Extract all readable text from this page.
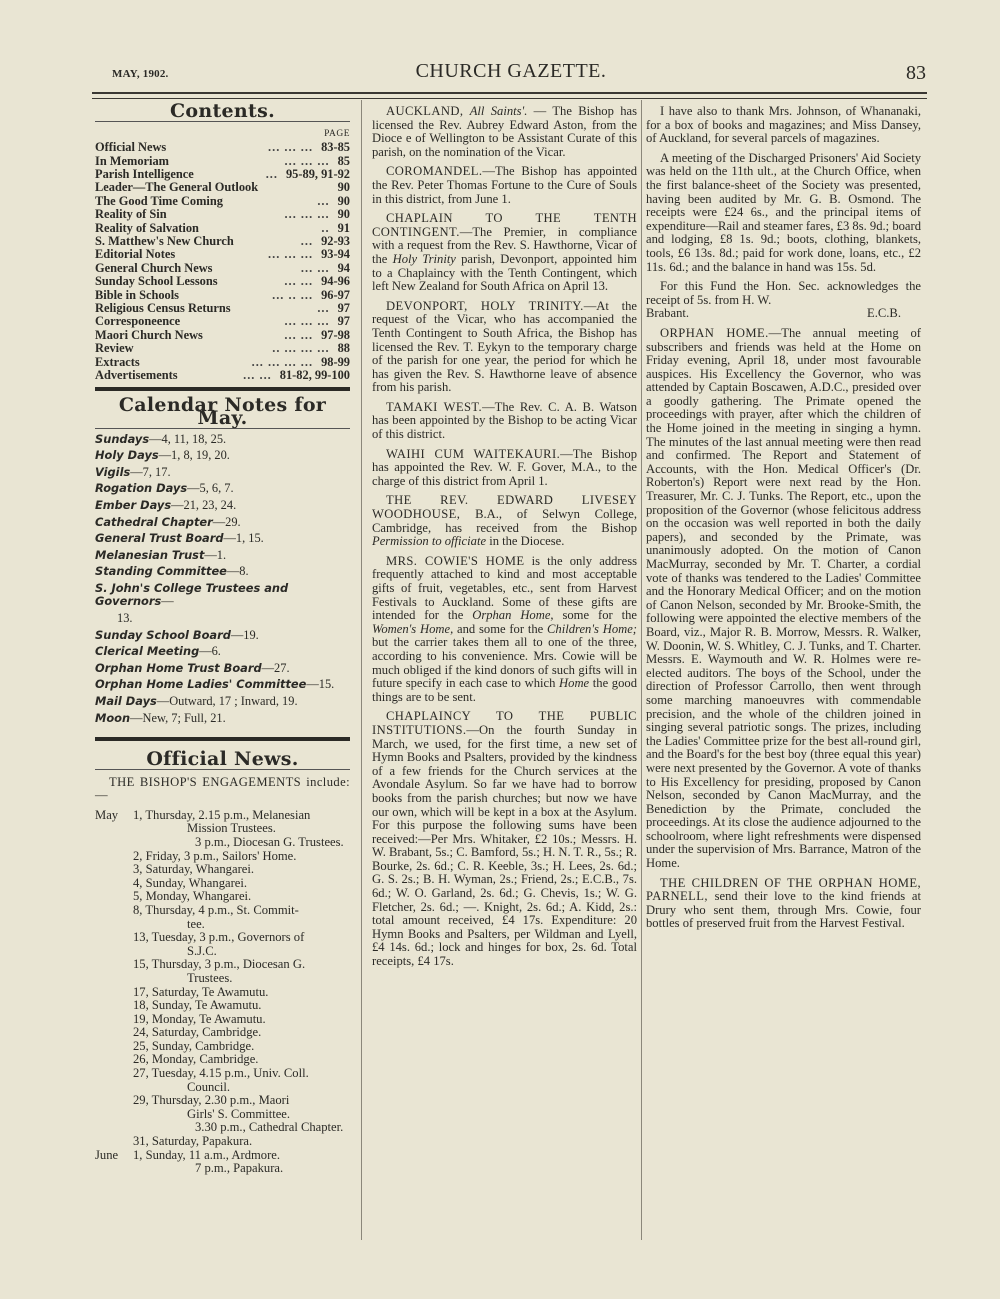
MAY, 1902.	CHURCH GAZETTE.	83
Contents.
PAGE
Official News	... ... ... 83-85
In Memoriam	... ... ... 85
Parish Intelligence	... 95-89, 91-92
Leader—The General Outlook	90
The Good Time Coming	... 90
Reality of Sin	... ... ... 90
Reality of Salvation	.. 91
S. Matthew's New Church	... 92-93
Editorial Notes	... ... ... 93-94
General Church News	... ... 94
Sunday School Lessons	... ... 94-96
Bible in Schools	... .. ... 96-97
Religious Census Returns	... 97
Corresponeence	... ... ... 97
Maori Church News	... ... 97-98
Review	.. ... ... ... 88
Extracts	... ... ... ... 98-99
Advertisements	... ... 81-82, 99-100
Calendar Notes for May.

Sundays—4, 11, 18, 25.

Holy Days—1, 8, 19, 20.

Vigils—7, 17.

Rogation Days—5, 6, 7.

Ember Days—21, 23, 24.

Cathedral Chapter—29.

General Trust Board—1, 15.

Melanesian Trust—1.

Standing Committee—8.

S. John's College Trustees and Governors—

13.

Sunday School Board—19.

Clerical Meeting—6.

Orphan Home Trust Board—27.

Orphan Home Ladies' Committee—15.

Mail Days—Outward, 17 ; Inward, 19.

Moon—New, 7; Full, 21.

Official News.

THE BISHOP'S ENGAGEMENTS include:—

May	1, Thursday, 2.15 p.m., Melanesian
Mission Trustees.
3 p.m., Diocesan G. Trustees.
2, Friday, 3 p.m., Sailors' Home.
3, Saturday, Whangarei.
4, Sunday, Whangarei.
5, Monday, Whangarei.
8, Thursday, 4 p.m., St. Commit-
tee.
13, Tuesday, 3 p.m., Governors of
S.J.C.
15, Thursday, 3 p.m., Diocesan G.
Trustees.
17, Saturday, Te Awamutu.
18, Sunday, Te Awamutu.
19, Monday, Te Awamutu.
24, Saturday, Cambridge.
25, Sunday, Cambridge.
26, Monday, Cambridge.
27, Tuesday, 4.15 p.m., Univ. Coll.
Council.
29, Thursday, 2.30 p.m., Maori
Girls' S. Committee.
3.30 p.m., Cathedral Chapter.
31, Saturday, Papakura.
June	1, Sunday, 11 a.m., Ardmore.
7 p.m., Papakura.

AUCKLAND, All Saints'. — The Bishop has licensed the Rev. Aubrey Edward Aston, from the Dioce e of Wellington to be Assistant Curate of this parish, on the nomination of the Vicar.

COROMANDEL.—The Bishop has appointed the Rev. Peter Thomas Fortune to the Cure of Souls in this district, from June 1.

CHAPLAIN TO THE TENTH CONTINGENT.—The Premier, in compliance with a request from the Rev. S. Hawthorne, Vicar of the Holy Trinity parish, Devonport, appointed him to a Chaplaincy with the Tenth Contingent, which left New Zealand for South Africa on April 13.

DEVONPORT, HOLY TRINITY.—At the request of the Vicar, who has accompanied the Tenth Contingent to South Africa, the Bishop has licensed the Rev. T. Eykyn to the temporary charge of the parish for one year, the period for which he has given the Rev. S. Hawthorne leave of absence from his parish.

TAMAKI WEST.—The Rev. C. A. B. Watson has been appointed by the Bishop to be acting Vicar of this district.

WAIHI CUM WAITEKAURI.—The Bishop has appointed the Rev. W. F. Gover, M.A., to the charge of this district from April 1.

THE REV. EDWARD LIVESEY WOODHOUSE, B.A., of Selwyn College, Cambridge, has received from the Bishop Permission to officiate in the Diocese.

MRS. COWIE'S HOME is the only address frequently attached to kind and most acceptable gifts of fruit, vegetables, etc., sent from Harvest Festivals to Auckland. Some of these gifts are intended for the Orphan Home, some for the Women's Home, and some for the Children's Home; but the carrier takes them all to one of the three, according to his convenience. Mrs. Cowie will be much obliged if the kind donors of such gifts will in future specify in each case to which Home the good things are to be sent.

CHAPLAINCY TO THE PUBLIC INSTITUTIONS.—On the fourth Sunday in March, we used, for the first time, a new set of Hymn Books and Psalters, provided by the kindness of a few friends for the Church services at the Avondale Asylum. So far we have had to borrow books from the parish churches; but now we have our own, which will be kept in a box at the Asylum. For this purpose the following sums have been received:—Per Mrs. Whitaker, £2 10s.; Messrs. H. W. Brabant, 5s.; C. Bamford, 5s.; H. N. T. R., 5s.; R. Bourke, 2s. 6d.; C. R. Keeble, 3s.; H. Lees, 2s. 6d.; G. S. 2s.; B. H. Wyman, 2s.; Friend, 2s.; E.C.B., 7s. 6d.; W. O. Garland, 2s. 6d.; G. Chevis, 1s.; W. G. Fletcher, 2s. 6d.; —. Knight, 2s. 6d.; A. Kidd, 2s.: total amount received, £4 17s. Expenditure: 20 Hymn Books and Psalters, per Wildman and Lyell, £4 14s. 6d.; lock and hinges for box, 2s. 6d. Total receipts, £4 17s.

I have also to thank Mrs. Johnson, of Whananaki, for a box of books and magazines; and Miss Dansey, of Auckland, for several parcels of magazines.

A meeting of the Discharged Prisoners' Aid Society was held on the 11th ult., at the Church Office, when the first balance-sheet of the Society was presented, having been audited by Mr. G. B. Osmond. The receipts were £24 6s., and the principal items of expenditure—Rail and steamer fares, £3 8s. 9d.; board and lodging, £8 1s. 9d.; boots, clothing, blankets, tools, £6 13s. 8d.; paid for work done, loans, etc., £2 11s. 6d.; and the balance in hand was 15s. 5d.

For this Fund the Hon. Sec. acknowledges the receipt of 5s. from H. W.

Brabant.	E.C.B.

ORPHAN HOME.—The annual meeting of subscribers and friends was held at the Home on Friday evening, April 18, under most favourable auspices. His Excellency the Governor, who was attended by Captain Boscawen, A.D.C., presided over a goodly gathering. The Primate opened the proceedings with prayer, after which the children of the Home joined in the meeting in singing a hymn. The minutes of the last annual meeting were then read and confirmed. The Report and Statement of Accounts, with the Hon. Medical Officer's (Dr. Roberton's) Report were next read by the Hon. Treasurer, Mr. C. J. Tunks. The Report, etc., upon the proposition of the Governor (whose felicitous address on the occasion was well reported in both the daily papers), and seconded by the Primate, was unanimously adopted. On the motion of Canon MacMurray, seconded by Mr. T. Charter, a cordial vote of thanks was tendered to the Ladies' Committee and the Honorary Medical Officer; and on the motion of Canon Nelson, seconded by Mr. Brooke-Smith, the following were appointed the elective members of the Board, viz., Major R. B. Morrow, Messrs. R. Walker, W. Doonin, W. S. Whitley, C. J. Tunks, and T. Charter. Messrs. E. Waymouth and W. R. Holmes were re-elected auditors. The boys of the School, under the direction of Professor Carrollo, then went through some marching manoeuvres with commendable precision, and the whole of the children joined in singing several patriotic songs. The prizes, including the Ladies' Committee prize for the best all-round girl, and the Board's for the best boy (three equal this year) were next presented by the Governor. A vote of thanks to His Excellency for presiding, proposed by Canon Nelson, seconded by Canon MacMurray, and the Benediction by the Primate, concluded the proceedings. At its close the audience adjourned to the schoolroom, where light refreshments were dispensed under the supervision of Mrs. Barrance, Matron of the Home.

THE CHILDREN OF THE ORPHAN HOME, PARNELL, send their love to the kind friends at Drury who sent them, through Mrs. Cowie, four bottles of preserved fruit from the Harvest Festival.
